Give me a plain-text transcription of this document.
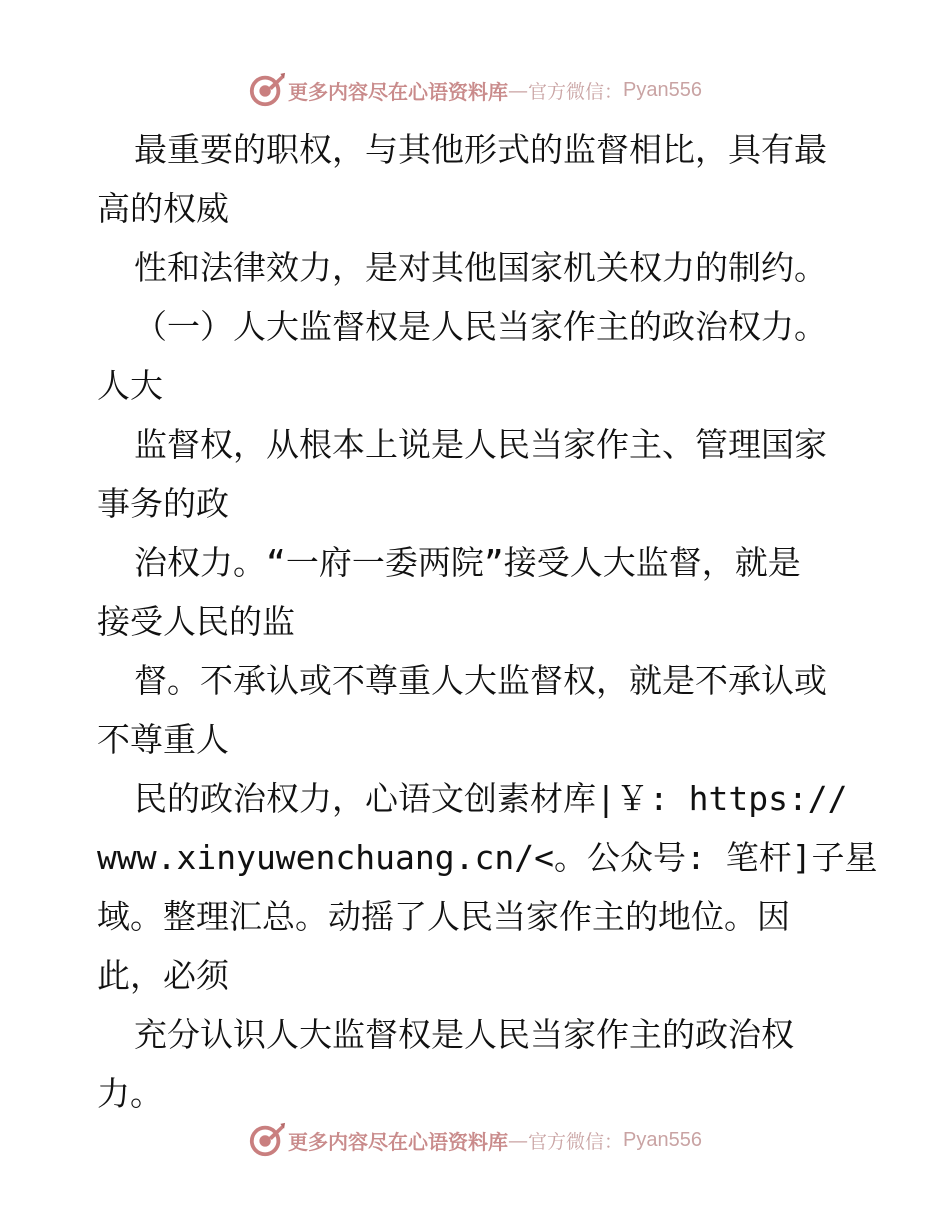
更多内容尽在心语资料库 — 官方微信： Pyan556
最重要的职权，与其他形式的监督相比，具有最
高的权威
性和法律效力，是对其他国家机关权力的制约。
（一）人大监督权是人民当家作主的政治权力。
人大
监督权，从根本上说是人民当家作主、管理国家
事务的政
治权力。“一府一委两院”接受人大监督，就是
接受人民的监
督。不承认或不尊重人大监督权，就是不承认或
不尊重人
民的政治权力，心语文创素材库|￥: https://
www.xinyuwenchuang.cn/<。公众号: 笔杆]子星
域。整理汇总。动摇了人民当家作主的地位。因
此，必须
充分认识人大监督权是人民当家作主的政治权
力。
更多内容尽在心语资料库 — 官方微信： Pyan556
